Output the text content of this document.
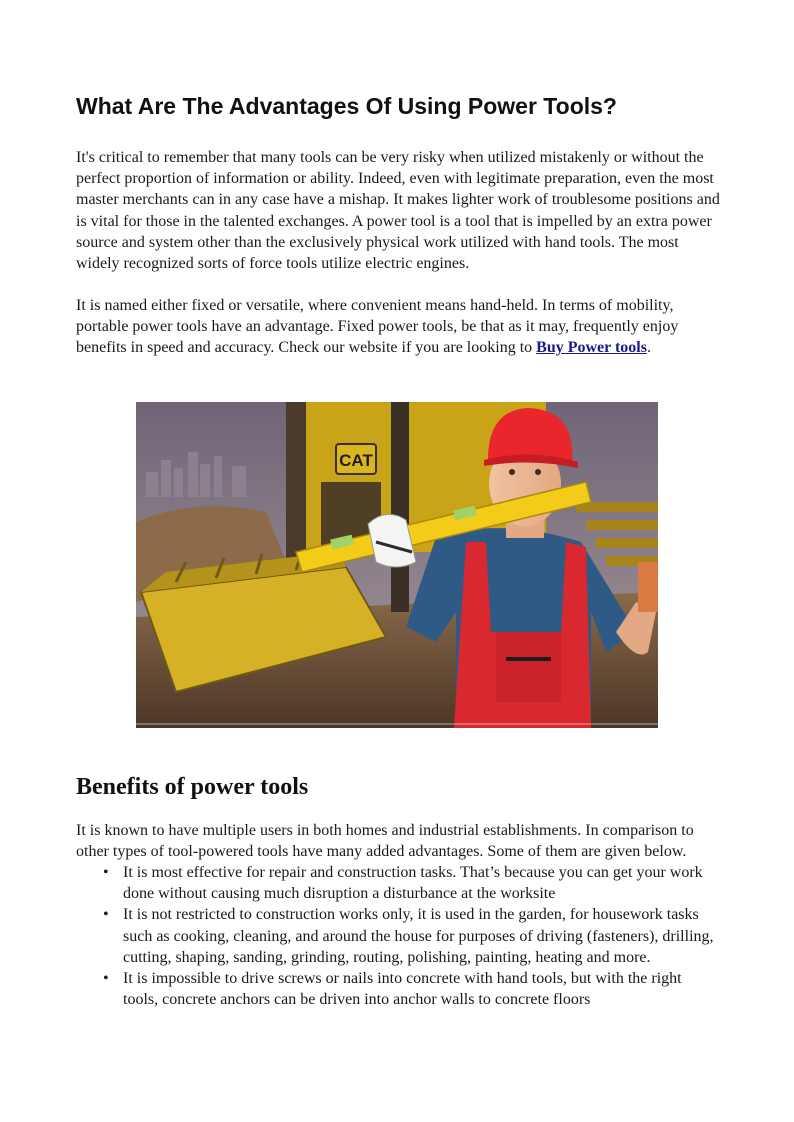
What Are The Advantages Of Using Power Tools?

It's critical to remember that many tools can be very risky when utilized mistakenly or without the perfect proportion of information or ability. Indeed, even with legitimate preparation, even the most master merchants can in any case have a mishap. It makes lighter work of troublesome positions and is vital for those in the talented exchanges. A power tool is a tool that is impelled by an extra power source and system other than the exclusively physical work utilized with hand tools. The most widely recognized sorts of force tools utilize electric engines.

It is named either fixed or versatile, where convenient means hand-held. In terms of mobility, portable power tools have an advantage. Fixed power tools, be that as it may, frequently enjoy benefits in speed and accuracy. Check our website if you are looking to Buy Power tools.

CAT
Benefits of power tools

It is known to have multiple users in both homes and industrial establishments. In comparison to other types of tool-powered tools have many added advantages. Some of them are given below.

• It is most effective for repair and construction tasks. That’s because you can get your work done without causing much disruption a disturbance at the worksite
• It is not restricted to construction works only, it is used in the garden, for housework tasks such as cooking, cleaning, and around the house for purposes of driving (fasteners), drilling, cutting, shaping, sanding, grinding, routing, polishing, painting, heating and more.
• It is impossible to drive screws or nails into concrete with hand tools, but with the right tools, concrete anchors can be driven into anchor walls to concrete floors
